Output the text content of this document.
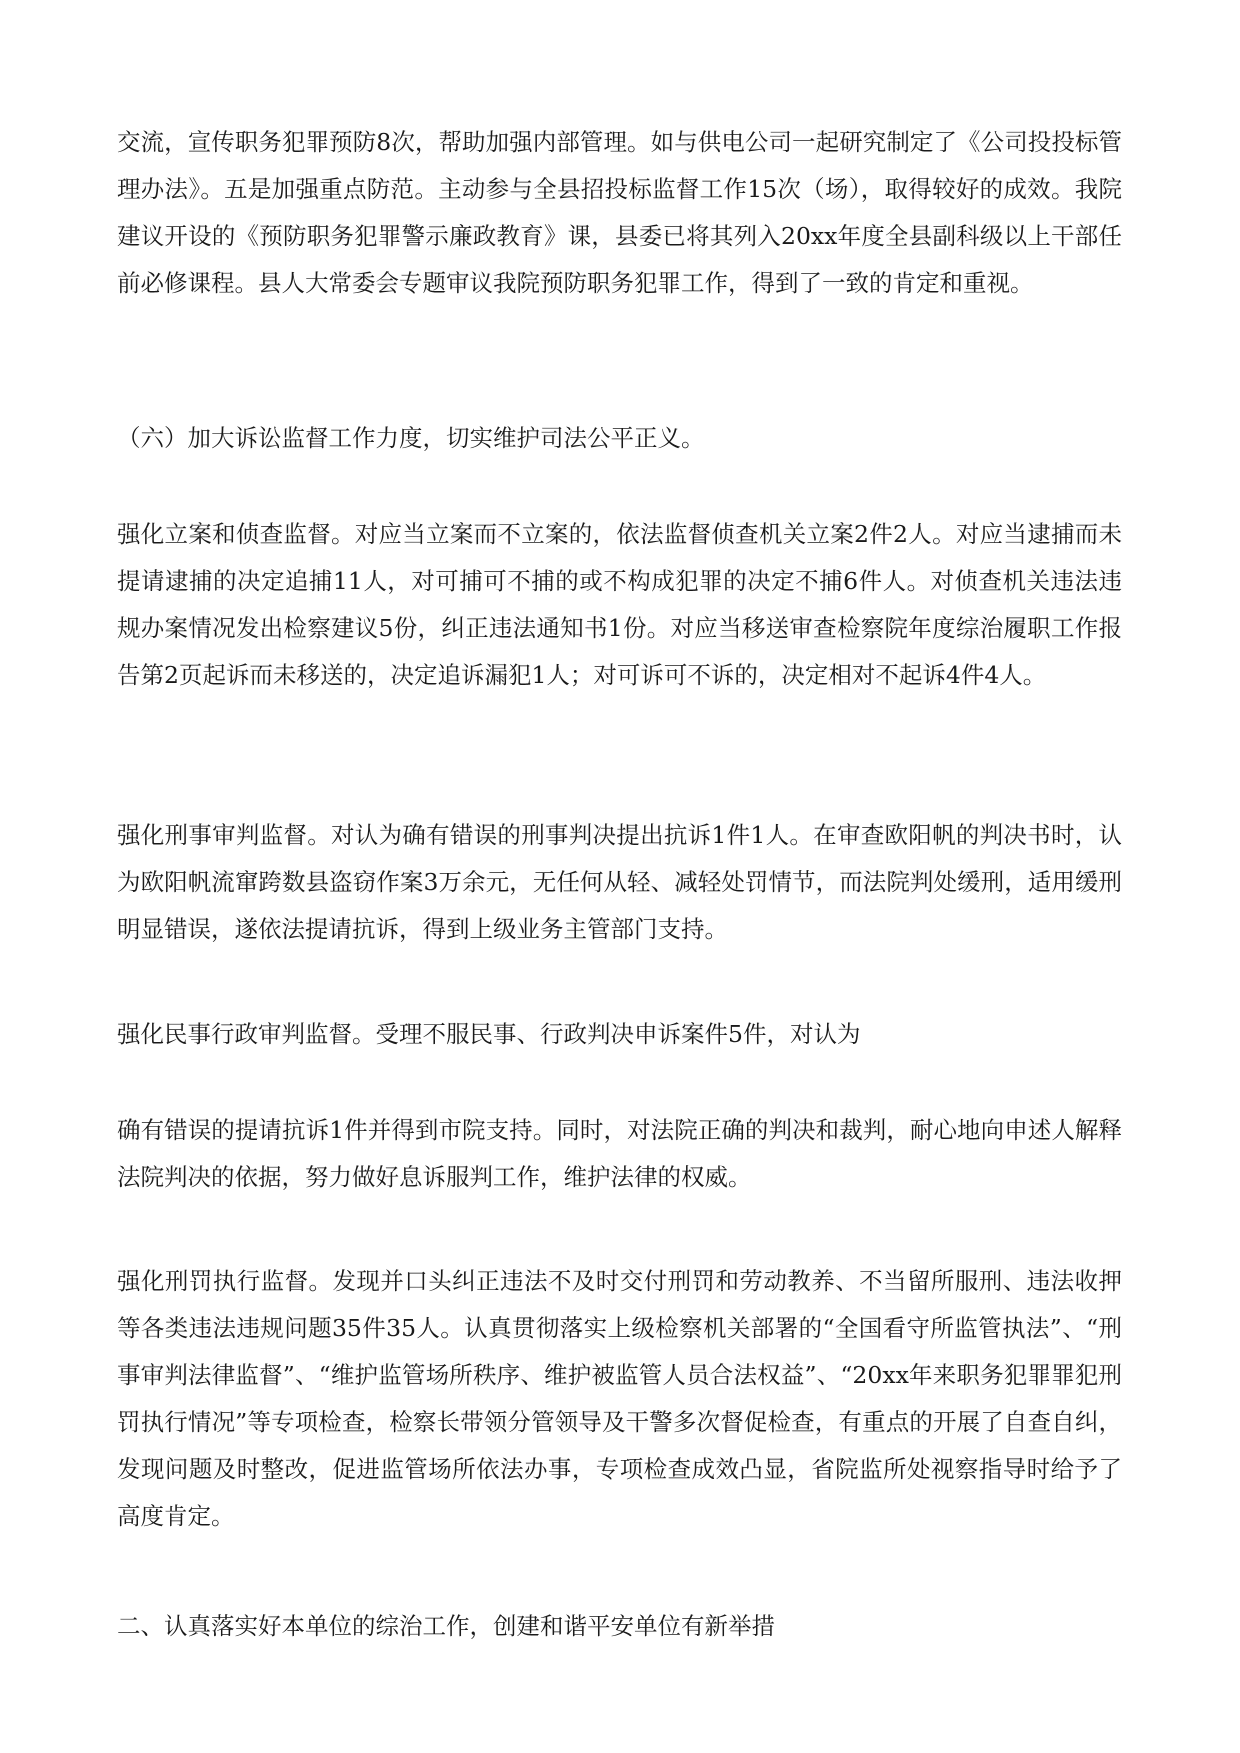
交流，宣传职务犯罪预防8次，帮助加强内部管理。如与供电公司一起研究制定了《公司投投标管理办法》。五是加强重点防范。主动参与全县招投标监督工作15次（场），取得较好的成效。我院建议开设的《预防职务犯罪警示廉政教育》课，县委已将其列入20xx年度全县副科级以上干部任前必修课程。县人大常委会专题审议我院预防职务犯罪工作，得到了一致的肯定和重视。

（六）加大诉讼监督工作力度，切实维护司法公平正义。

强化立案和侦查监督。对应当立案而不立案的，依法监督侦查机关立案2件2人。对应当逮捕而未提请逮捕的决定追捕11人，对可捕可不捕的或不构成犯罪的决定不捕6件人。对侦查机关违法违规办案情况发出检察建议5份，纠正违法通知书1份。对应当移送审查检察院年度综治履职工作报告第2页起诉而未移送的，决定追诉漏犯1人；对可诉可不诉的，决定相对不起诉4件4人。

强化刑事审判监督。对认为确有错误的刑事判决提出抗诉1件1人。在审查欧阳帆的判决书时，认为欧阳帆流窜跨数县盗窃作案3万余元，无任何从轻、减轻处罚情节，而法院判处缓刑，适用缓刑明显错误，遂依法提请抗诉，得到上级业务主管部门支持。

强化民事行政审判监督。受理不服民事、行政判决申诉案件5件，对认为

确有错误的提请抗诉1件并得到市院支持。同时，对法院正确的判决和裁判，耐心地向申述人解释法院判决的依据，努力做好息诉服判工作，维护法律的权威。

强化刑罚执行监督。发现并口头纠正违法不及时交付刑罚和劳动教养、不当留所服刑、违法收押等各类违法违规问题35件35人。认真贯彻落实上级检察机关部署的“全国看守所监管执法”、“刑事审判法律监督”、“维护监管场所秩序、维护被监管人员合法权益”、“20xx年来职务犯罪罪犯刑罚执行情况”等专项检查，检察长带领分管领导及干警多次督促检查，有重点的开展了自查自纠，发现问题及时整改，促进监管场所依法办事，专项检查成效凸显，省院监所处视察指导时给予了高度肯定。

二、认真落实好本单位的综治工作，创建和谐平安单位有新举措
